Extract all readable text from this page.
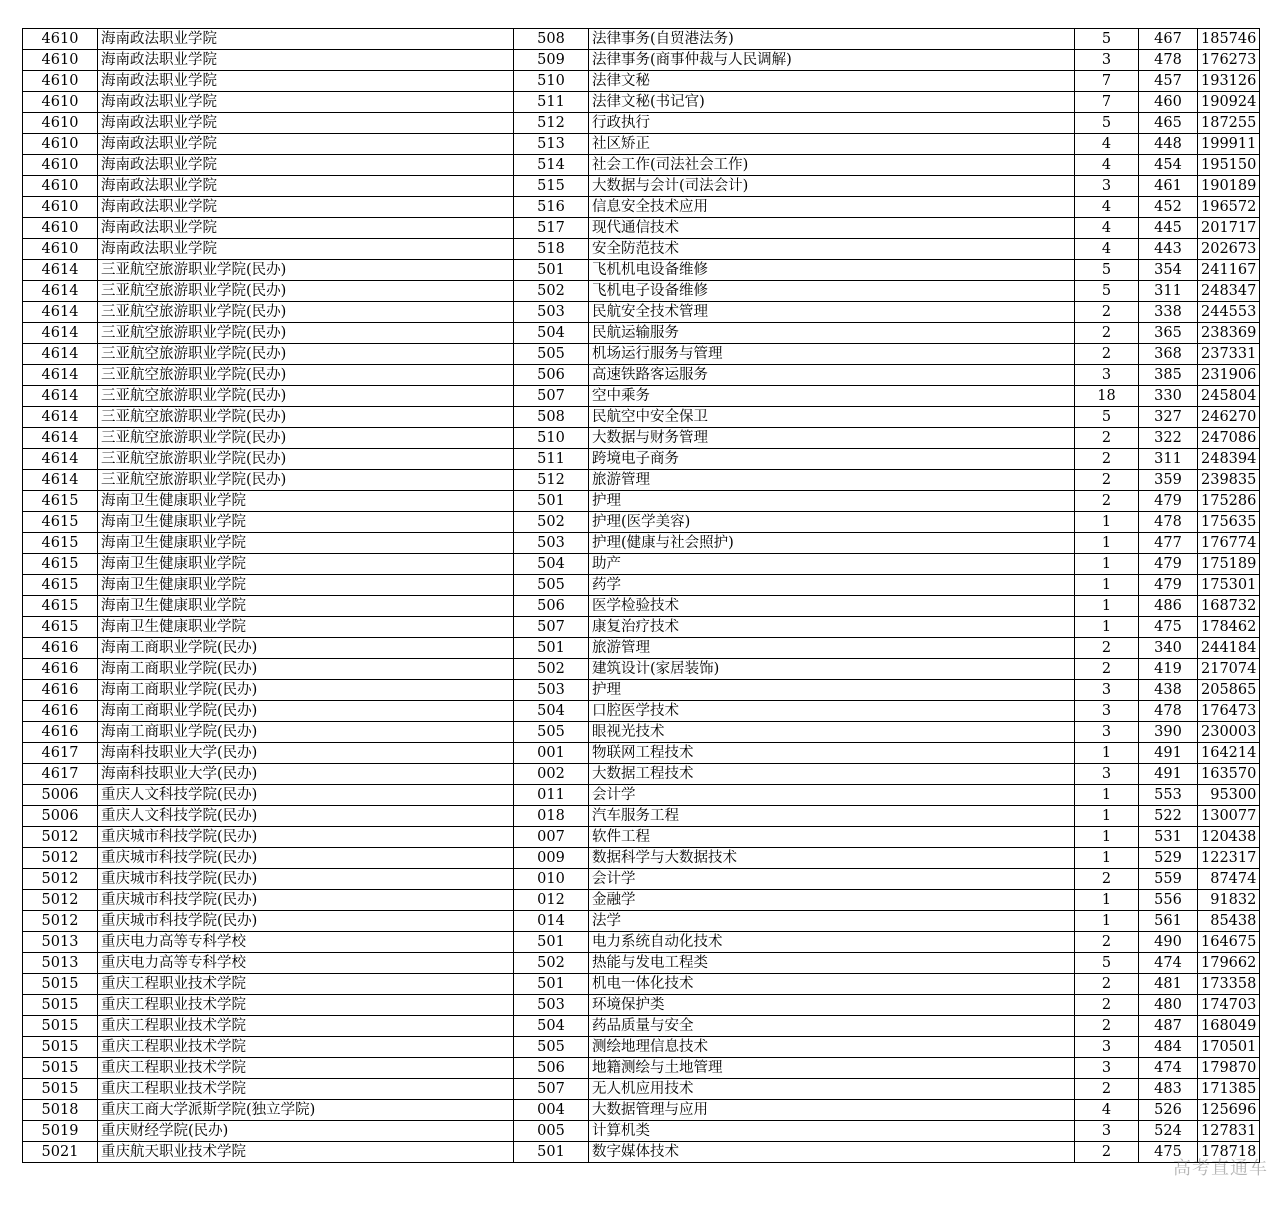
4610	海南政法职业学院	508	法律事务(自贸港法务)	5	467	185746
4610	海南政法职业学院	509	法律事务(商事仲裁与人民调解)	3	478	176273
4610	海南政法职业学院	510	法律文秘	7	457	193126
4610	海南政法职业学院	511	法律文秘(书记官)	7	460	190924
4610	海南政法职业学院	512	行政执行	5	465	187255
4610	海南政法职业学院	513	社区矫正	4	448	199911
4610	海南政法职业学院	514	社会工作(司法社会工作)	4	454	195150
4610	海南政法职业学院	515	大数据与会计(司法会计)	3	461	190189
4610	海南政法职业学院	516	信息安全技术应用	4	452	196572
4610	海南政法职业学院	517	现代通信技术	4	445	201717
4610	海南政法职业学院	518	安全防范技术	4	443	202673
4614	三亚航空旅游职业学院(民办)	501	飞机机电设备维修	5	354	241167
4614	三亚航空旅游职业学院(民办)	502	飞机电子设备维修	5	311	248347
4614	三亚航空旅游职业学院(民办)	503	民航安全技术管理	2	338	244553
4614	三亚航空旅游职业学院(民办)	504	民航运输服务	2	365	238369
4614	三亚航空旅游职业学院(民办)	505	机场运行服务与管理	2	368	237331
4614	三亚航空旅游职业学院(民办)	506	高速铁路客运服务	3	385	231906
4614	三亚航空旅游职业学院(民办)	507	空中乘务	18	330	245804
4614	三亚航空旅游职业学院(民办)	508	民航空中安全保卫	5	327	246270
4614	三亚航空旅游职业学院(民办)	510	大数据与财务管理	2	322	247086
4614	三亚航空旅游职业学院(民办)	511	跨境电子商务	2	311	248394
4614	三亚航空旅游职业学院(民办)	512	旅游管理	2	359	239835
4615	海南卫生健康职业学院	501	护理	2	479	175286
4615	海南卫生健康职业学院	502	护理(医学美容)	1	478	175635
4615	海南卫生健康职业学院	503	护理(健康与社会照护)	1	477	176774
4615	海南卫生健康职业学院	504	助产	1	479	175189
4615	海南卫生健康职业学院	505	药学	1	479	175301
4615	海南卫生健康职业学院	506	医学检验技术	1	486	168732
4615	海南卫生健康职业学院	507	康复治疗技术	1	475	178462
4616	海南工商职业学院(民办)	501	旅游管理	2	340	244184
4616	海南工商职业学院(民办)	502	建筑设计(家居装饰)	2	419	217074
4616	海南工商职业学院(民办)	503	护理	3	438	205865
4616	海南工商职业学院(民办)	504	口腔医学技术	3	478	176473
4616	海南工商职业学院(民办)	505	眼视光技术	3	390	230003
4617	海南科技职业大学(民办)	001	物联网工程技术	1	491	164214
4617	海南科技职业大学(民办)	002	大数据工程技术	3	491	163570
5006	重庆人文科技学院(民办)	011	会计学	1	553	95300
5006	重庆人文科技学院(民办)	018	汽车服务工程	1	522	130077
5012	重庆城市科技学院(民办)	007	软件工程	1	531	120438
5012	重庆城市科技学院(民办)	009	数据科学与大数据技术	1	529	122317
5012	重庆城市科技学院(民办)	010	会计学	2	559	87474
5012	重庆城市科技学院(民办)	012	金融学	1	556	91832
5012	重庆城市科技学院(民办)	014	法学	1	561	85438
5013	重庆电力高等专科学校	501	电力系统自动化技术	2	490	164675
5013	重庆电力高等专科学校	502	热能与发电工程类	5	474	179662
5015	重庆工程职业技术学院	501	机电一体化技术	2	481	173358
5015	重庆工程职业技术学院	503	环境保护类	2	480	174703
5015	重庆工程职业技术学院	504	药品质量与安全	2	487	168049
5015	重庆工程职业技术学院	505	测绘地理信息技术	3	484	170501
5015	重庆工程职业技术学院	506	地籍测绘与土地管理	3	474	179870
5015	重庆工程职业技术学院	507	无人机应用技术	2	483	171385
5018	重庆工商大学派斯学院(独立学院)	004	大数据管理与应用	4	526	125696
5019	重庆财经学院(民办)	005	计算机类	3	524	127831
5021	重庆航天职业技术学院	501	数字媒体技术	2	475	178718
高考直通车
